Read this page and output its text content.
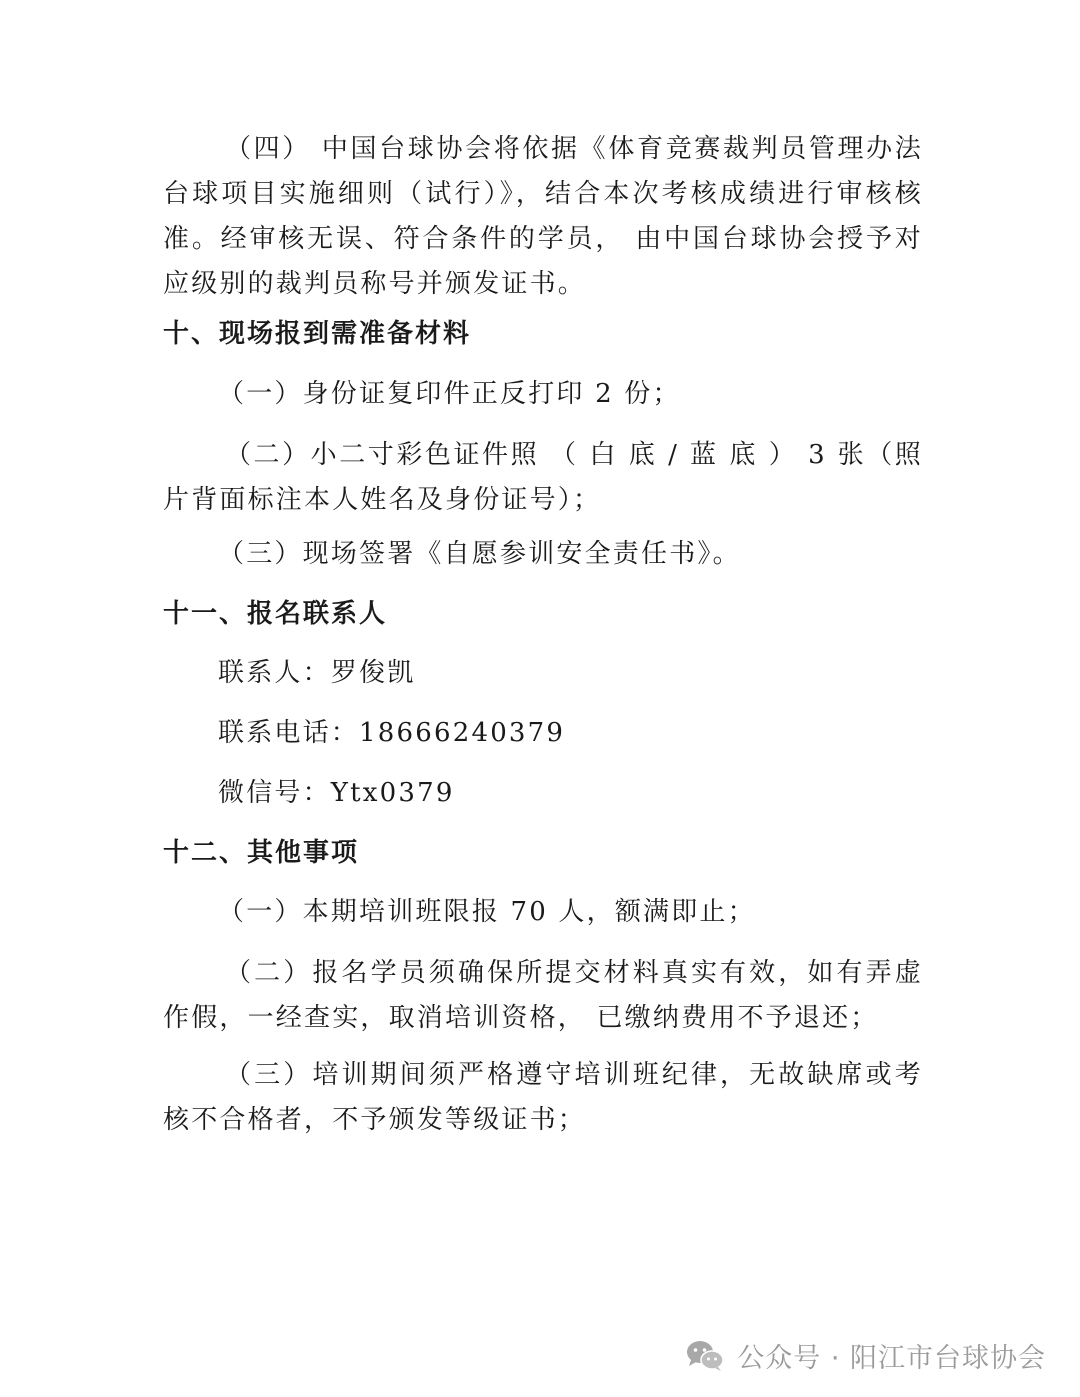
（四） 中国台球协会将依据《体育竞赛裁判员管理办法台球项目实施细则（试行）》，结合本次考核成绩进行审核核准。经审核无误、符合条件的学员， 由中国台球协会授予对应级别的裁判员称号并颁发证书。

十、现场报到需准备材料

（一）身份证复印件正反打印 2 份；

（二）小二寸彩色证件照 （ 白 底 / 蓝 底 ） 3 张（照片背面标注本人姓名及身份证号）；

（三）现场签署《自愿参训安全责任书》。

十一、报名联系人

联系人：罗俊凯

联系电话：18666240379

微信号：Ytx0379

十二、其他事项

（一）本期培训班限报 70 人，额满即止；

（二）报名学员须确保所提交材料真实有效，如有弄虚作假，一经查实，取消培训资格， 已缴纳费用不予退还；

（三）培训期间须严格遵守培训班纪律，无故缺席或考核不合格者，不予颁发等级证书；

公众号 · 阳江市台球协会
